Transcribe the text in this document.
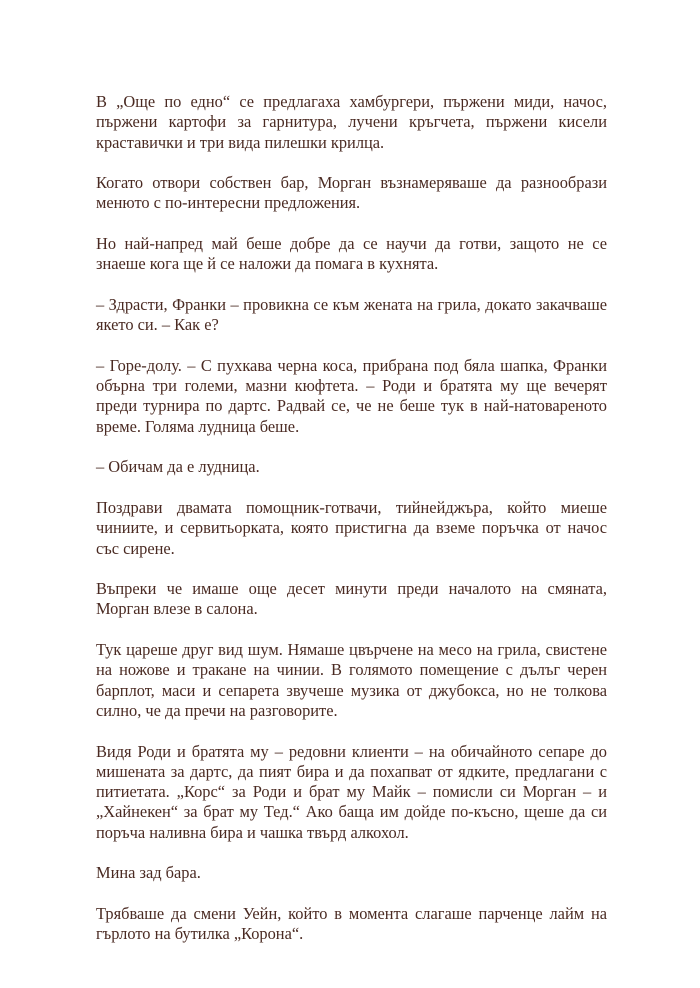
В „Още по едно“ се предлагаха хамбургери, пържени миди, начос, пържени картофи за гарнитура, лучени кръгчета, пържени кисели краставички и три вида пилешки крилца.

Когато отвори собствен бар, Морган възнамеряваше да разнообрази менюто с по-интересни предложения.

Но най-напред май беше добре да се научи да готви, защото не се знаеше кога ще й се наложи да помага в кухнята.

– Здрасти, Франки – провикна се към жената на грила, докато закачваше якето си. – Как е?

– Горе-долу. – С пухкава черна коса, прибрана под бяла шапка, Франки обърна три големи, мазни кюфтета. – Роди и братята му ще вечерят преди турнира по дартс. Радвай се, че не беше тук в най-натовареното време. Голяма лудница беше.

– Обичам да е лудница.

Поздрави двамата помощник-готвачи, тийнейджъра, който миеше чиниите, и сервитьорката, която пристигна да вземе поръчка от начос със сирене.

Въпреки че имаше още десет минути преди началото на смяната, Морган влезе в салона.

Тук цареше друг вид шум. Нямаше цвърчене на месо на грила, свистене на ножове и тракане на чинии. В голямото помещение с дълъг черен барплот, маси и сепарета звучеше музика от джубокса, но не толкова силно, че да пречи на разговорите.

Видя Роди и братята му – редовни клиенти – на обичайното сепаре до мишената за дартс, да пият бира и да похапват от ядките, предлагани с питиетата. „Корс“ за Роди и брат му Майк – помисли си Морган – и „Хайнекен“ за брат му Тед.“ Ако баща им дойде по-късно, щеше да си поръча наливна бира и чашка твърд алкохол.

Мина зад бара.

Трябваше да смени Уейн, който в момента слагаше парченце лайм на гърлото на бутилка „Корона“.
